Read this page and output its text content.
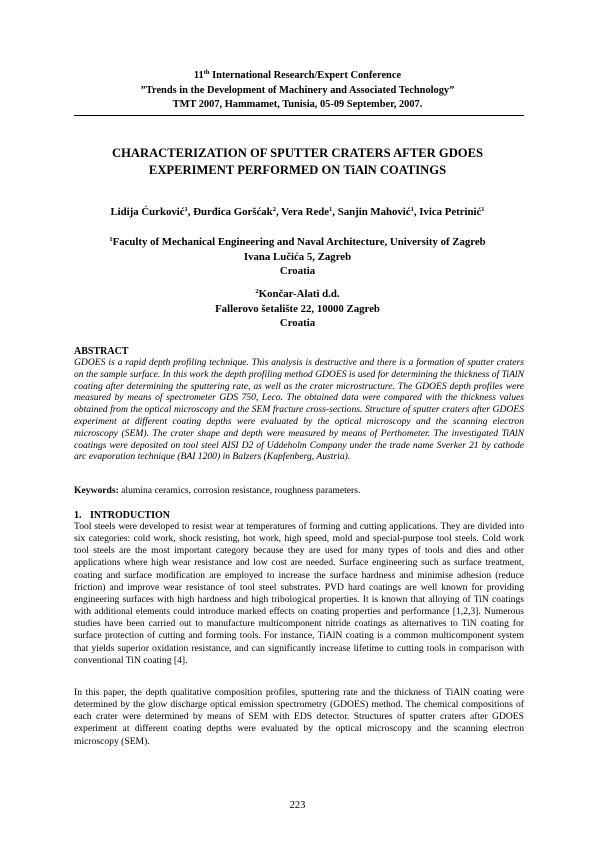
11th International Research/Expert Conference
”Trends in the Development of Machinery and Associated Technology”
TMT 2007, Hammamet, Tunisia, 05-09 September, 2007.
CHARACTERIZATION OF SPUTTER CRATERS AFTER GDOES
EXPERIMENT PERFORMED ON TiAlN COATINGS
Lidija Ćurković$^1$, Đurđica Goršćak$^2$, Vera Rede$^1$, Sanjin Mahović$^1$, Ivica Petrinić$^1$
$^1$Faculty of Mechanical Engineering and Naval Architecture, University of Zagreb
Ivana Lučića 5, Zagreb
Croatia
$^2$Končar-Alati d.d.
Fallerovo šetalište 22, 10000 Zagreb
Croatia
ABSTRACT

GDOES is a rapid depth profiling technique. This analysis is destructive and there is a formation of sputter craters on the sample surface. In this work the depth profiling method GDOES is used for determining the thickness of TiAlN coating after determining the sputtering rate, as well as the crater microstructure. The GDOES depth profiles were measured by means of spectrometer GDS 750, Leco. The obtained data were compared with the thickness values obtained from the optical microscopy and the SEM fracture cross-sections. Structure of sputter craters after GDOES experiment at different coating depths were evaluated by the optical microscopy and the scanning electron microscopy (SEM). The crater shape and depth were measured by means of Perthometer. The investigated TiAlN coatings were deposited on tool steel AISI D2 of Uddeholm Company under the trade name Sverker 21 by cathode arc evaporation technique (BAI 1200) in Balzers (Kapfenberg, Austria).

Keywords: alumina ceramics, corrosion resistance, roughness parameters.

1. INTRODUCTION

Tool steels were developed to resist wear at temperatures of forming and cutting applications. They are divided into six categories: cold work, shock resisting, hot work, high speed, mold and special-purpose tool steels. Cold work tool steels are the most important category because they are used for many types of tools and dies and other applications where high wear resistance and low cost are needed. Surface engineering such as surface treatment, coating and surface modification are employed to increase the surface hardness and minimise adhesion (reduce friction) and improve wear resistance of tool steel substrates. PVD hard coatings are well known for providing engineering surfaces with high hardness and high tribological properties. It is known that alloying of TiN coatings with additional elements could introduce marked effects on coating properties and performance [1,2,3]. Numerous studies have been carried out to manufacture multicomponent nitride coatings as alternatives to TiN coating for surface protection of cutting and forming tools. For instance, TiAlN coating is a common multicomponent system that yields superior oxidation resistance, and can significantly increase lifetime to cutting tools in comparison with conventional TiN coating [4].

In this paper, the depth qualitative composition profiles, sputtering rate and the thickness of TiAlN coating were determined by the glow discharge optical emission spectrometry (GDOES) method. The chemical compositions of each crater were determined by means of SEM with EDS detector. Structures of sputter craters after GDOES experiment at different coating depths were evaluated by the optical microscopy and the scanning electron microscopy (SEM).

223
